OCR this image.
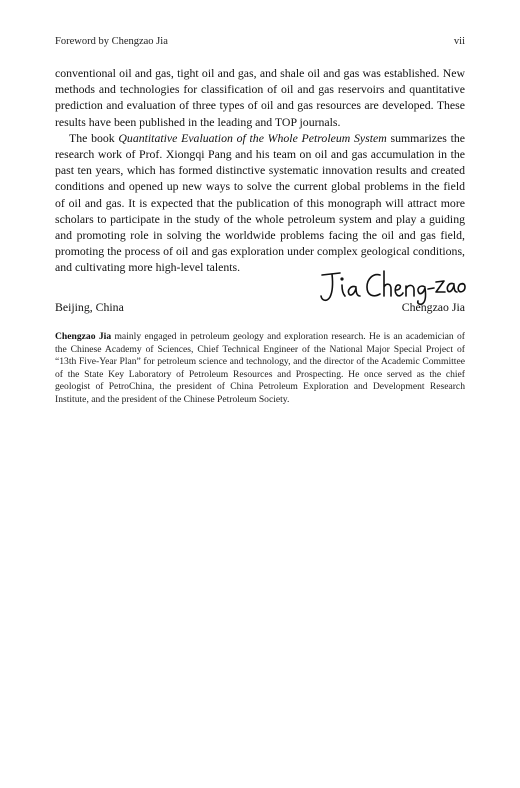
Foreword by Chengzao Jia	vii

conventional oil and gas, tight oil and gas, and shale oil and gas was established. New methods and technologies for classification of oil and gas reservoirs and quantitative prediction and evaluation of three types of oil and gas resources are developed. These results have been published in the leading and TOP journals.

The book Quantitative Evaluation of the Whole Petroleum System summarizes the research work of Prof. Xiongqi Pang and his team on oil and gas accumulation in the past ten years, which has formed distinctive systematic innovation results and created conditions and opened up new ways to solve the current global problems in the field of oil and gas. It is expected that the publication of this monograph will attract more scholars to participate in the study of the whole petroleum system and play a guiding and promoting role in solving the worldwide problems facing the oil and gas field, promoting the process of oil and gas exploration under complex geological conditions, and cultivating more high-level talents.

Beijing, China	Chengzao Jia
Chengzao Jia mainly engaged in petroleum geology and exploration research. He is an academician of the Chinese Academy of Sciences, Chief Technical Engineer of the National Major Special Project of “13th Five-Year Plan” for petroleum science and technology, and the director of the Academic Committee of the State Key Laboratory of Petroleum Resources and Prospecting. He once served as the chief geologist of PetroChina, the president of China Petroleum Exploration and Development Research Institute, and the president of the Chinese Petroleum Society.
